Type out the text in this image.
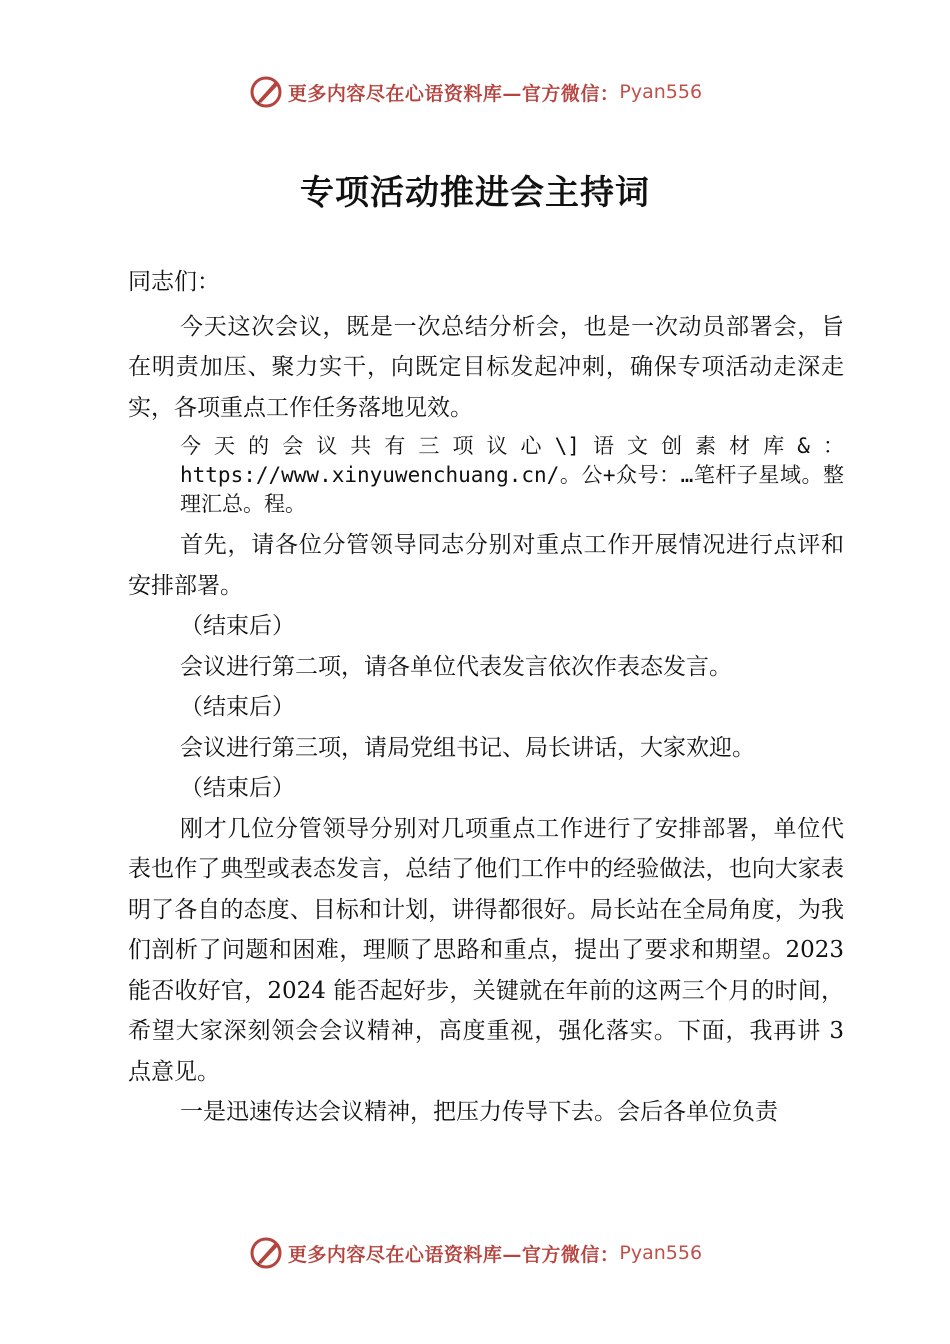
更多内容尽在心语资料库—官方微信： Pyan556
专项活动推进会主持词

同志们：

今天这次会议，既是一次总结分析会，也是一次动员部署会，旨在明责加压、聚力实干，向既定目标发起冲刺，确保专项活动走深走实，各项重点工作任务落地见效。

今天的会议共有三项议心\]语文创素材库&：https://www.xinyuwenchuang.cn/。公+众号：…笔杆子星域。整理汇总。程。

首先，请各位分管领导同志分别对重点工作开展情况进行点评和安排部署。

（结束后）

会议进行第二项，请各单位代表发言依次作表态发言。

（结束后）

会议进行第三项，请局党组书记、局长讲话，大家欢迎。

（结束后）

刚才几位分管领导分别对几项重点工作进行了安排部署，单位代表也作了典型或表态发言，总结了他们工作中的经验做法，也向大家表明了各自的态度、目标和计划，讲得都很好。局长站在全局角度，为我们剖析了问题和困难，理顺了思路和重点，提出了要求和期望。2023 能否收好官，2024 能否起好步，关键就在年前的这两三个月的时间，希望大家深刻领会会议精神，高度重视，强化落实。下面，我再讲 3 点意见。

一是迅速传达会议精神，把压力传导下去。会后各单位负责

更多内容尽在心语资料库—官方微信： Pyan556
